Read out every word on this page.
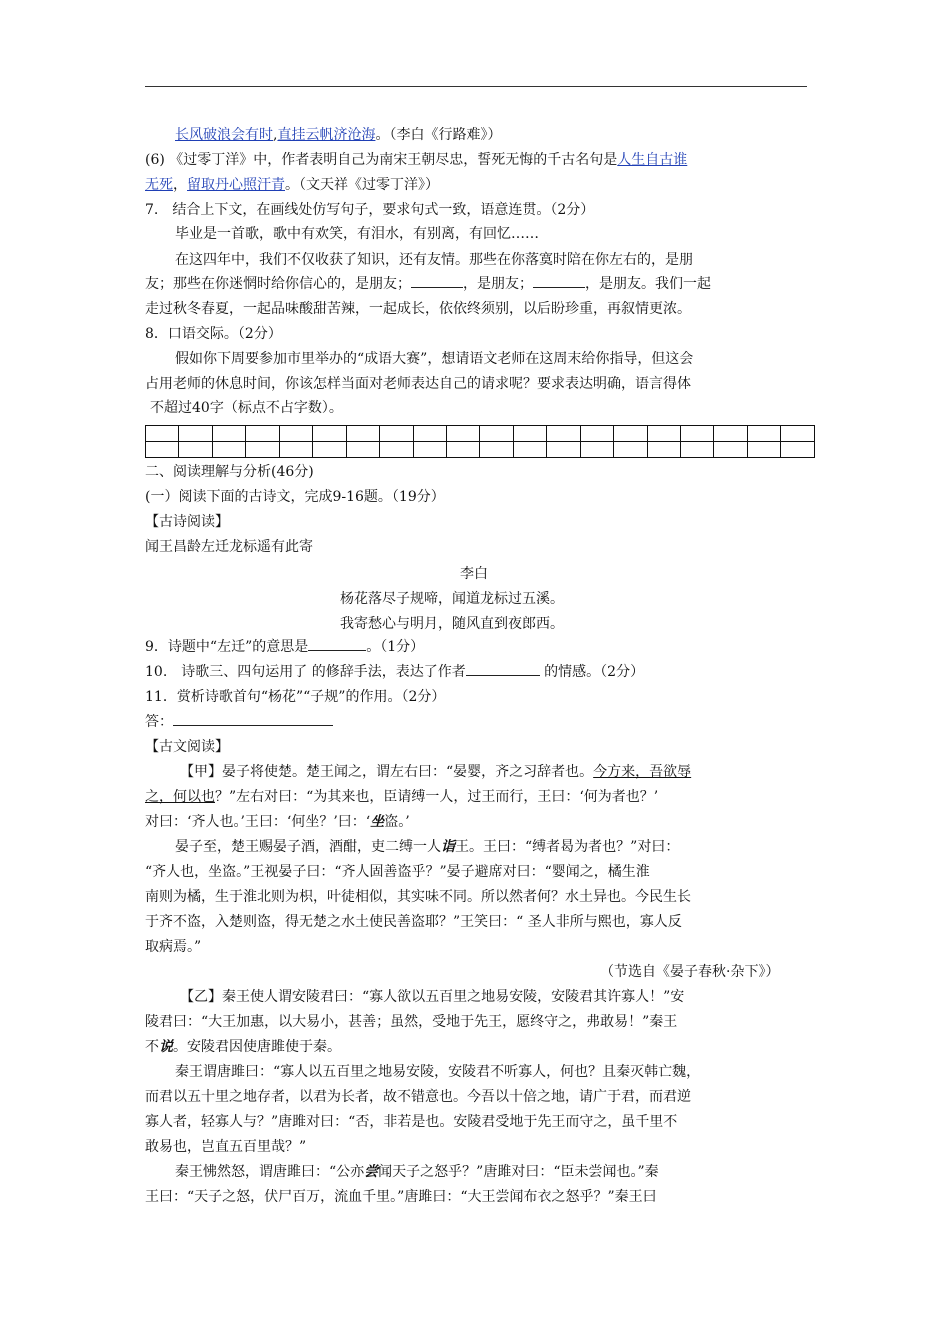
长风破浪会有时,直挂云帆济沧海。（李白《行路难》）
(6) 《过零丁洋》中，作者表明自己为南宋王朝尽忠，誓死无悔的千古名句是人生自古谁
无死，留取丹心照汗青。（文天祥《过零丁洋》）
7.　结合上下文，在画线处仿写句子，要求句式一致，语意连贯。（2分）
毕业是一首歌，歌中有欢笑，有泪水，有别离，有回忆……
在这四年中，我们不仅收获了知识，还有友情。那些在你落寞时陪在你左右的，是朋
友；那些在你迷惘时给你信心的，是朋友；	，是朋友；	，是朋友。我们一起
走过秋冬春夏，一起品味酸甜苦辣，一起成长，依依终须别，以后盼珍重，再叙情更浓。
8．口语交际。（2分）
假如你下周要参加市里举办的“成语大赛”，想请语文老师在这周末给你指导，但这会
占用老师的休息时间，你该怎样当面对老师表达自己的请求呢？要求表达明确，语言得体
不超过40字（标点不占字数）。

二、阅读理解与分析(46分)
(一）阅读下面的古诗文，完成9-16题。（19分）
【古诗阅读】
闻王昌龄左迁龙标遥有此寄
李白
杨花落尽子规啼，闻道龙标过五溪。
我寄愁心与明月，随风直到夜郎西。
9．诗题中“左迁”的意思是	。（1分）
10.　诗歌三、四句运用了 的修辞手法，表达了作者	的情感。（2分）
11．赏析诗歌首句“杨花”“子规”的作用。（2分）
答：
【古文阅读】
【甲】晏子将使楚。楚王闻之，谓左右曰：“晏婴，齐之习辞者也。今方来，吾欲辱
之，何以也？”左右对曰：“为其来也，臣请缚一人，过王而行，王曰：‘何为者也？’
对曰：‘齐人也。’王曰：‘何坐？’曰：‘坐盗。’
晏子至，楚王赐晏子酒，酒酣，吏二缚一人诣王。王曰：“缚者曷为者也？”对曰：
“齐人也，坐盗。”王视晏子曰：“齐人固善盗乎？”晏子避席对曰：“婴闻之，橘生淮
南则为橘，生于淮北则为枳，叶徒相似，其实味不同。所以然者何？水土异也。今民生长
于齐不盗，入楚则盗，得无楚之水土使民善盗耶？”王笑曰：“ 圣人非所与熙也，寡人反
取病焉。”
（节选自《晏子春秋·杂下》）
【乙】秦王使人谓安陵君曰：“寡人欲以五百里之地易安陵，安陵君其许寡人！”安
陵君曰：“大王加惠，以大易小，甚善；虽然，受地于先王，愿终守之，弗敢易！”秦王
不说。安陵君因使唐雎使于秦。
秦王谓唐雎曰：“寡人以五百里之地易安陵，安陵君不听寡人，何也？且秦灭韩亡魏，
而君以五十里之地存者，以君为长者，故不错意也。今吾以十倍之地，请广于君，而君逆
寡人者，轻寡人与？”唐雎对曰：“否，非若是也。安陵君受地于先王而守之，虽千里不
敢易也，岂直五百里哉？”
秦王怫然怒，谓唐雎曰：“公亦尝闻天子之怒乎？”唐雎对曰：“臣未尝闻也。”秦
王曰：“天子之怒，伏尸百万，流血千里。”唐雎曰：“大王尝闻布衣之怒乎？”秦王曰
